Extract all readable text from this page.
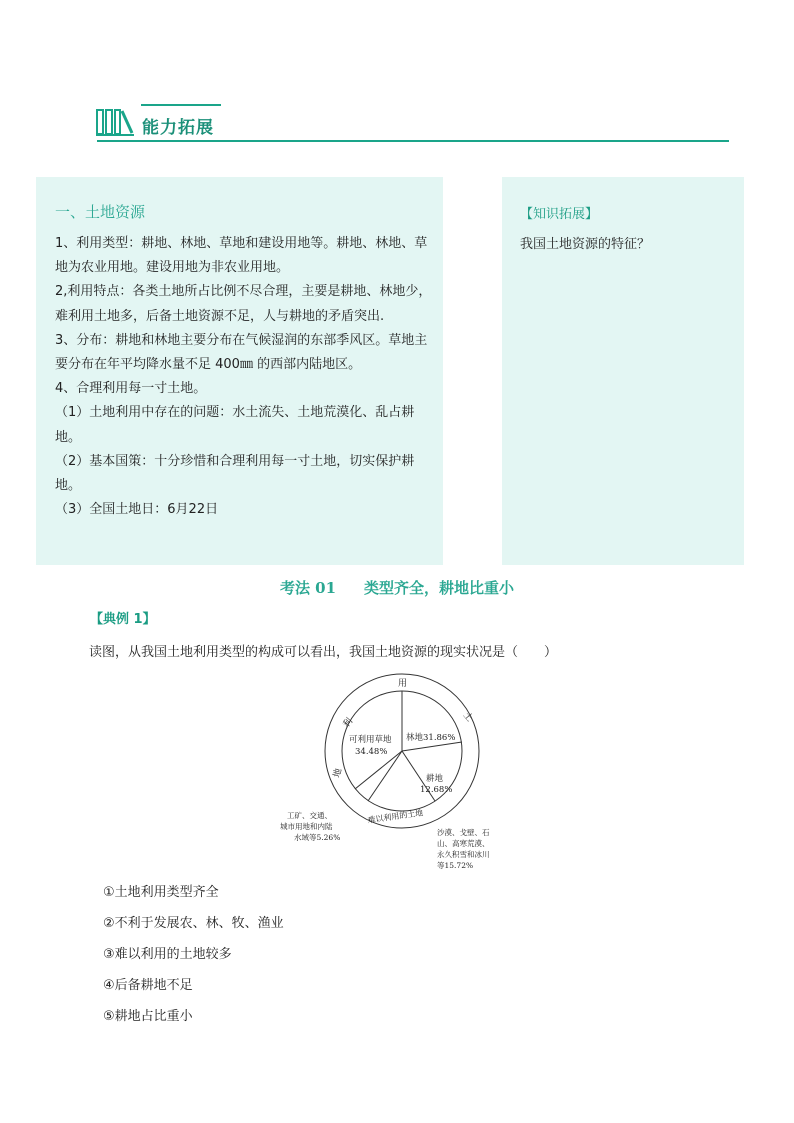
能力拓展
一、土地资源

1、利用类型：耕地、林地、草地和建设用地等。耕地、林地、草地为农业用地。建设用地为非农业用地。

2,利用特点：各类土地所占比例不尽合理，主要是耕地、林地少，难利用土地多，后备土地资源不足，人与耕地的矛盾突出.

3、分布：耕地和林地主要分布在气候湿润的东部季风区。草地主要分布在年平均降水量不足 400㎜ 的西部内陆地区。

4、合理利用每一寸土地。

（1）土地利用中存在的问题：水土流失、土地荒漠化、乱占耕地。

（2）基本国策：十分珍惜和合理利用每一寸土地，切实保护耕地。

（3）全国土地日：6月22日

【知识拓展】
我国土地资源的特征？
考法 01 类型齐全，耕地比重小
【典例 1】
读图，从我国土地利用类型的构成可以看出，我国土地资源的现实状况是（　　）
利
用
土
地
难以利用的土地
可利用草地
34.48%
林地31.86%
耕地
12.68%
工矿、交通、
城市用地和内陆
水域等5.26%
沙漠、戈壁、石
山、高寒荒漠、
永久积雪和冰川
等15.72%
①土地利用类型齐全
②不利于发展农、林、牧、渔业
③难以利用的土地较多
④后备耕地不足
⑤耕地占比重小
